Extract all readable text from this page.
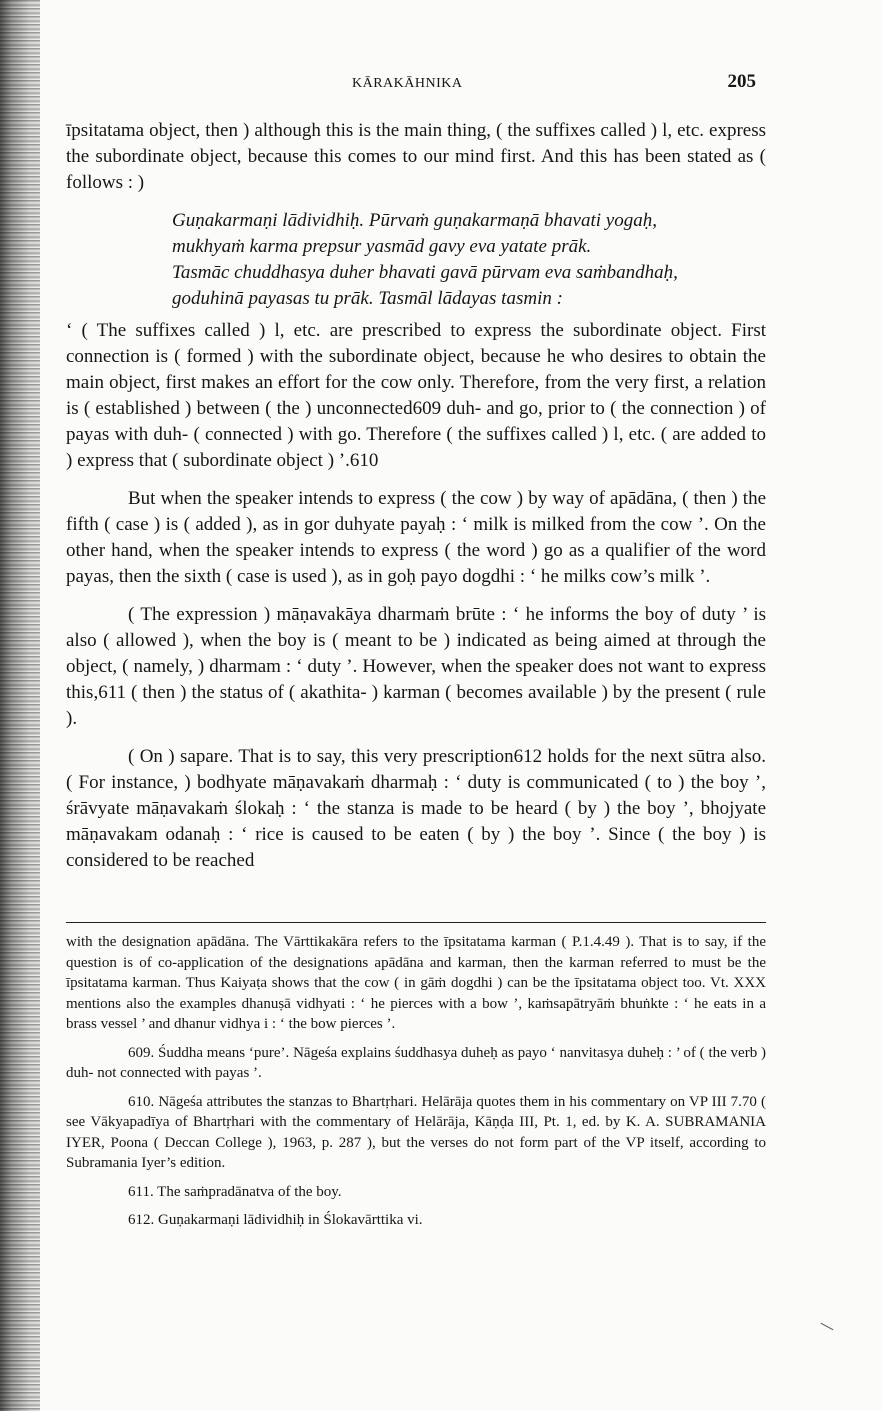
KĀRAKĀHNIKA	205

īpsitatama object, then ) although this is the main thing, ( the suffixes called ) l, etc. express the subordinate object, because this comes to our mind first. And this has been stated as ( follows : )

Guṇakarmaṇi lādividhiḥ. Pūrvaṁ guṇakarmaṇā bhavati yogaḥ,
mukhyaṁ karma prepsur yasmād gavy eva yatate prāk.
Tasmāc chuddhasya duher bhavati gavā pūrvam eva saṁbandhaḥ,
goduhinā payasas tu prāk. Tasmāl lādayas tasmin :

‘ ( The suffixes called ) l, etc. are prescribed to express the subordinate object. First connection is ( formed ) with the subordinate object, because he who desires to obtain the main object, first makes an effort for the cow only. Therefore, from the very first, a relation is ( established ) between ( the ) unconnected609 duh- and go, prior to ( the connection ) of payas with duh- ( connected ) with go. Therefore ( the suffixes called ) l, etc. ( are added to ) express that ( subordinate object ) ’.610

But when the speaker intends to express ( the cow ) by way of apādāna, ( then ) the fifth ( case ) is ( added ), as in gor duhyate payaḥ : ‘ milk is milked from the cow ’. On the other hand, when the speaker intends to express ( the word ) go as a qualifier of the word payas, then the sixth ( case is used ), as in goḥ payo dogdhi : ‘ he milks cow’s milk ’.

( The expression ) māṇavakāya dharmaṁ brūte : ‘ he informs the boy of duty ’ is also ( allowed ), when the boy is ( meant to be ) indicated as being aimed at through the object, ( namely, ) dharmam : ‘ duty ’. However, when the speaker does not want to express this,611 ( then ) the status of ( akathita- ) karman ( becomes available ) by the present ( rule ).

( On ) sapare. That is to say, this very prescription612 holds for the next sūtra also. ( For instance, ) bodhyate māṇavakaṁ dharmaḥ : ‘ duty is communicated ( to ) the boy ’, śrāvyate māṇavakaṁ ślokaḥ : ‘ the stanza is made to be heard ( by ) the boy ’, bhojyate māṇavakam odanaḥ : ‘ rice is caused to be eaten ( by ) the boy ’. Since ( the boy ) is considered to be reached

with the designation apādāna. The Vārttikakāra refers to the īpsitatama karman ( P.1.4.49 ). That is to say, if the question is of co-application of the designations apādāna and karman, then the karman referred to must be the īpsitatama karman. Thus Kaiyaṭa shows that the cow ( in gāṁ dogdhi ) can be the īpsitatama object too. Vt. XXX mentions also the examples dhanuṣā vidhyati : ‘ he pierces with a bow ’, kaṁsapātryāṁ bhuṅkte : ‘ he eats in a brass vessel ’ and dhanur vidhya i : ‘ the bow pierces ’.

609. Śuddha means ‘pure’. Nāgeśa explains śuddhasya duheḥ as payo ‘ nanvitasya duheḥ : ’ of ( the verb ) duh- not connected with payas ’.

610. Nāgeśa attributes the stanzas to Bhartṛhari. Helārāja quotes them in his commentary on VP III 7.70 ( see Vākyapadīya of Bhartṛhari with the commentary of Helārāja, Kāṇḍa III, Pt. 1, ed. by K. A. SUBRAMANIA IYER, Poona ( Deccan College ), 1963, p. 287 ), but the verses do not form part of the VP itself, according to Subramania Iyer’s edition.

611. The saṁpradānatva of the boy.

612. Guṇakarmaṇi lādividhiḥ in Ślokavārttika vi.
